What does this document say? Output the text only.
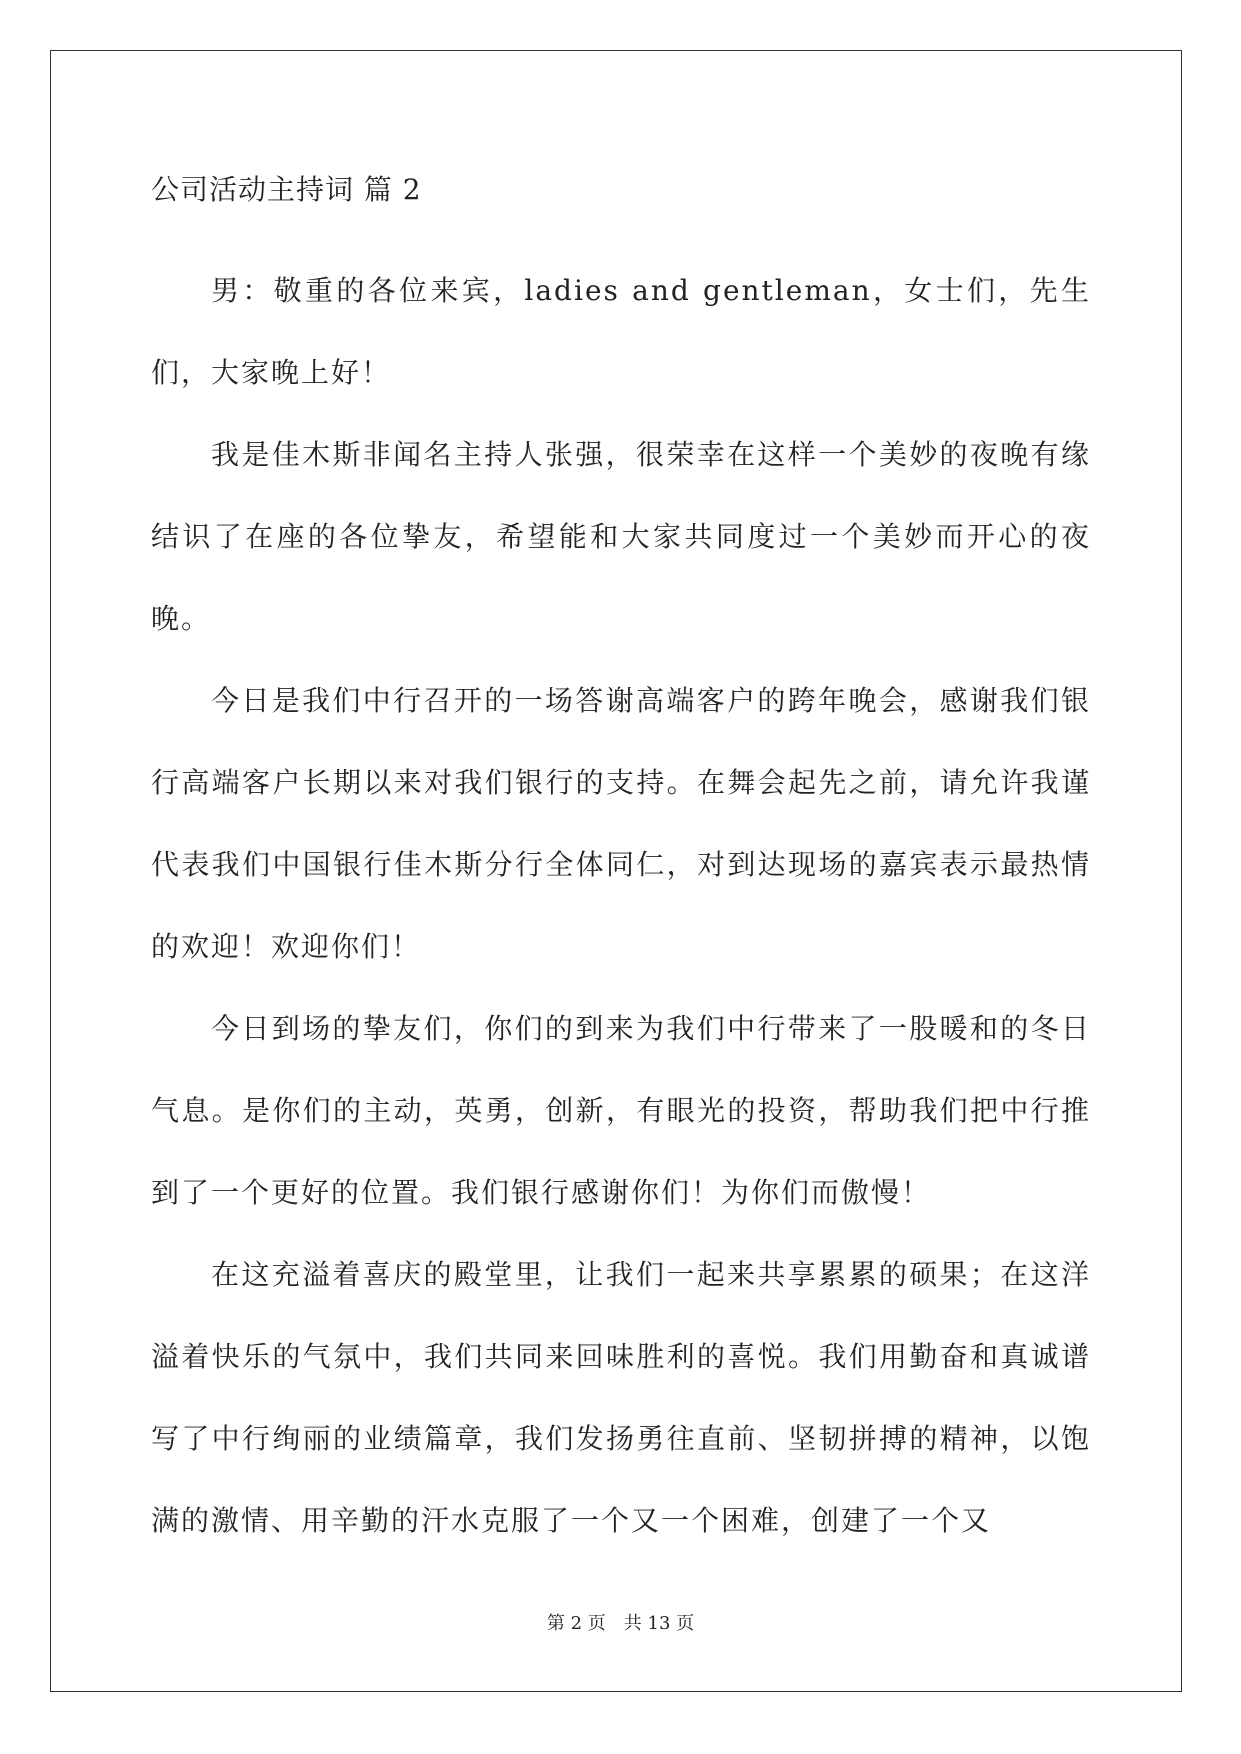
公司活动主持词 篇 2

男：敬重的各位来宾，ladies and gentleman，女士们，先生们，大家晚上好！

我是佳木斯非闻名主持人张强，很荣幸在这样一个美妙的夜晚有缘结识了在座的各位挚友，希望能和大家共同度过一个美妙而开心的夜晚。

今日是我们中行召开的一场答谢高端客户的跨年晚会，感谢我们银行高端客户长期以来对我们银行的支持。在舞会起先之前，请允许我谨代表我们中国银行佳木斯分行全体同仁，对到达现场的嘉宾表示最热情的欢迎！欢迎你们！

今日到场的挚友们，你们的到来为我们中行带来了一股暖和的冬日气息。是你们的主动，英勇，创新，有眼光的投资，帮助我们把中行推到了一个更好的位置。我们银行感谢你们！为你们而傲慢！

在这充溢着喜庆的殿堂里，让我们一起来共享累累的硕果；在这洋溢着快乐的气氛中，我们共同来回味胜利的喜悦。我们用勤奋和真诚谱写了中行绚丽的业绩篇章，我们发扬勇往直前、坚韧拼搏的精神，以饱满的激情、用辛勤的汗水克服了一个又一个困难，创建了一个又

第 2 页　共 13 页
